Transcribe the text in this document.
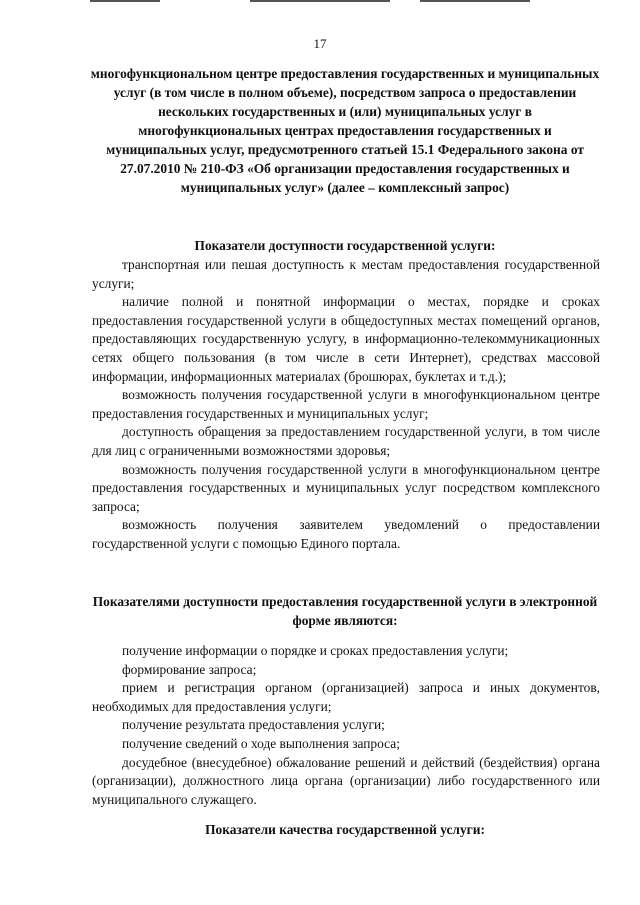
17
многофункциональном центре предоставления государственных и муниципальных услуг (в том числе в полном объеме), посредством запроса о предоставлении нескольких государственных и (или) муниципальных услуг в многофункциональных центрах предоставления государственных и муниципальных услуг, предусмотренного статьей 15.1 Федерального закона от 27.07.2010 № 210-ФЗ «Об организации предоставления государственных и муниципальных услуг» (далее – комплексный запрос)
Показатели доступности государственной услуги:

транспортная или пешая доступность к местам предоставления государственной услуги;

наличие полной и понятной информации о местах, порядке и сроках предоставления государственной услуги в общедоступных местах помещений органов, предоставляющих государственную услугу, в информационно-телекоммуникационных сетях общего пользования (в том числе в сети Интернет), средствах массовой информации, информационных материалах (брошюрах, буклетах и т.д.);

возможность получения государственной услуги в многофункциональном центре предоставления государственных и муниципальных услуг;

доступность обращения за предоставлением государственной услуги, в том числе для лиц с ограниченными возможностями здоровья;

возможность получения государственной услуги в многофункциональном центре предоставления государственных и муниципальных услуг посредством комплексного запроса;

возможность получения заявителем уведомлений о предоставлении государственной услуги с помощью Единого портала.

Показателями доступности предоставления государственной услуги в электронной форме являются:

получение информации о порядке и сроках предоставления услуги;

формирование запроса;

прием и регистрация органом (организацией) запроса и иных документов, необходимых для предоставления услуги;

получение результата предоставления услуги;

получение сведений о ходе выполнения запроса;

досудебное (внесудебное) обжалование решений и действий (бездействия) органа (организации), должностного лица органа (организации) либо государственного или муниципального служащего.

Показатели качества государственной услуги:
